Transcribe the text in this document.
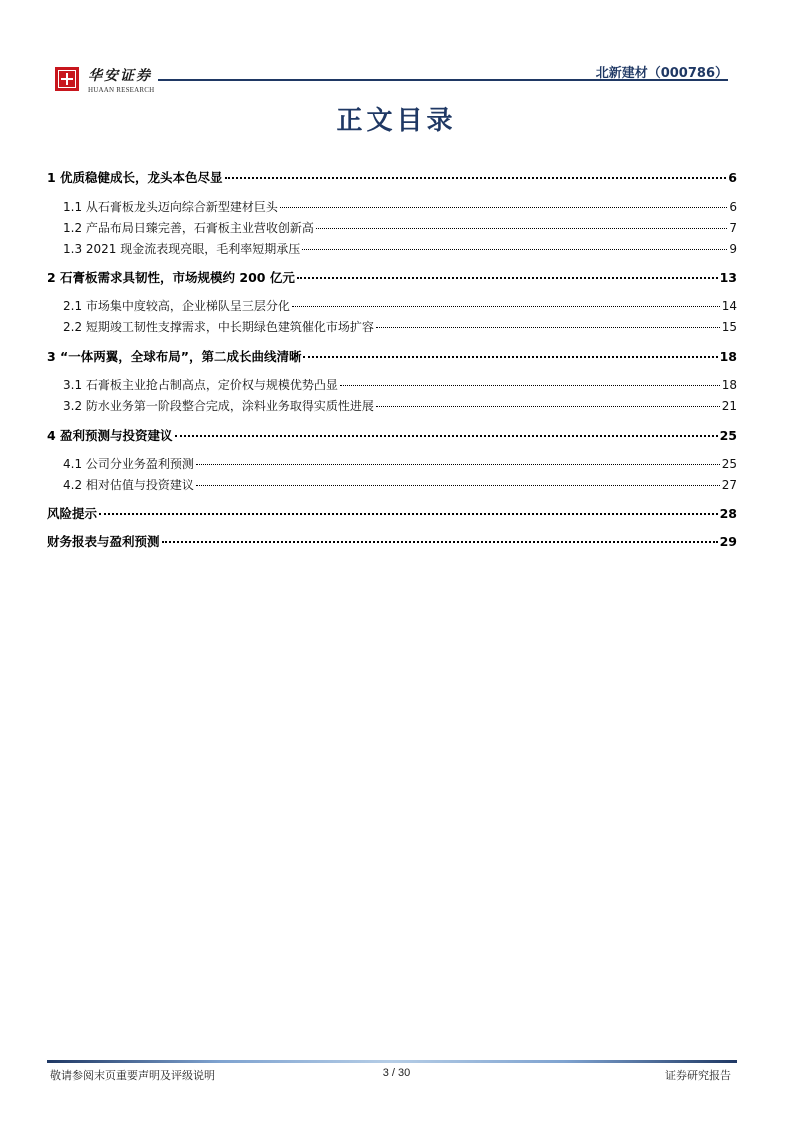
华安证券
HUAAN RESEARCH
北新建材（000786）
正文目录
1 优质稳健成长，龙头本色尽显	6
1.1 从石膏板龙头迈向综合新型建材巨头	6
1.2 产品布局日臻完善，石膏板主业营收创新高	7
1.3 2021 现金流表现亮眼，毛利率短期承压	9
2 石膏板需求具韧性，市场规模约 200 亿元	13
2.1 市场集中度较高，企业梯队呈三层分化	14
2.2 短期竣工韧性支撑需求，中长期绿色建筑催化市场扩容	15
3 “一体两翼，全球布局”，第二成长曲线清晰	18
3.1 石膏板主业抢占制高点，定价权与规模优势凸显	18
3.2 防水业务第一阶段整合完成，涂料业务取得实质性进展	21
4 盈利预测与投资建议	25
4.1 公司分业务盈利预测	25
4.2 相对估值与投资建议	27
风险提示	28
财务报表与盈利预测	29
敬请参阅末页重要声明及评级说明	3 / 30	证券研究报告
